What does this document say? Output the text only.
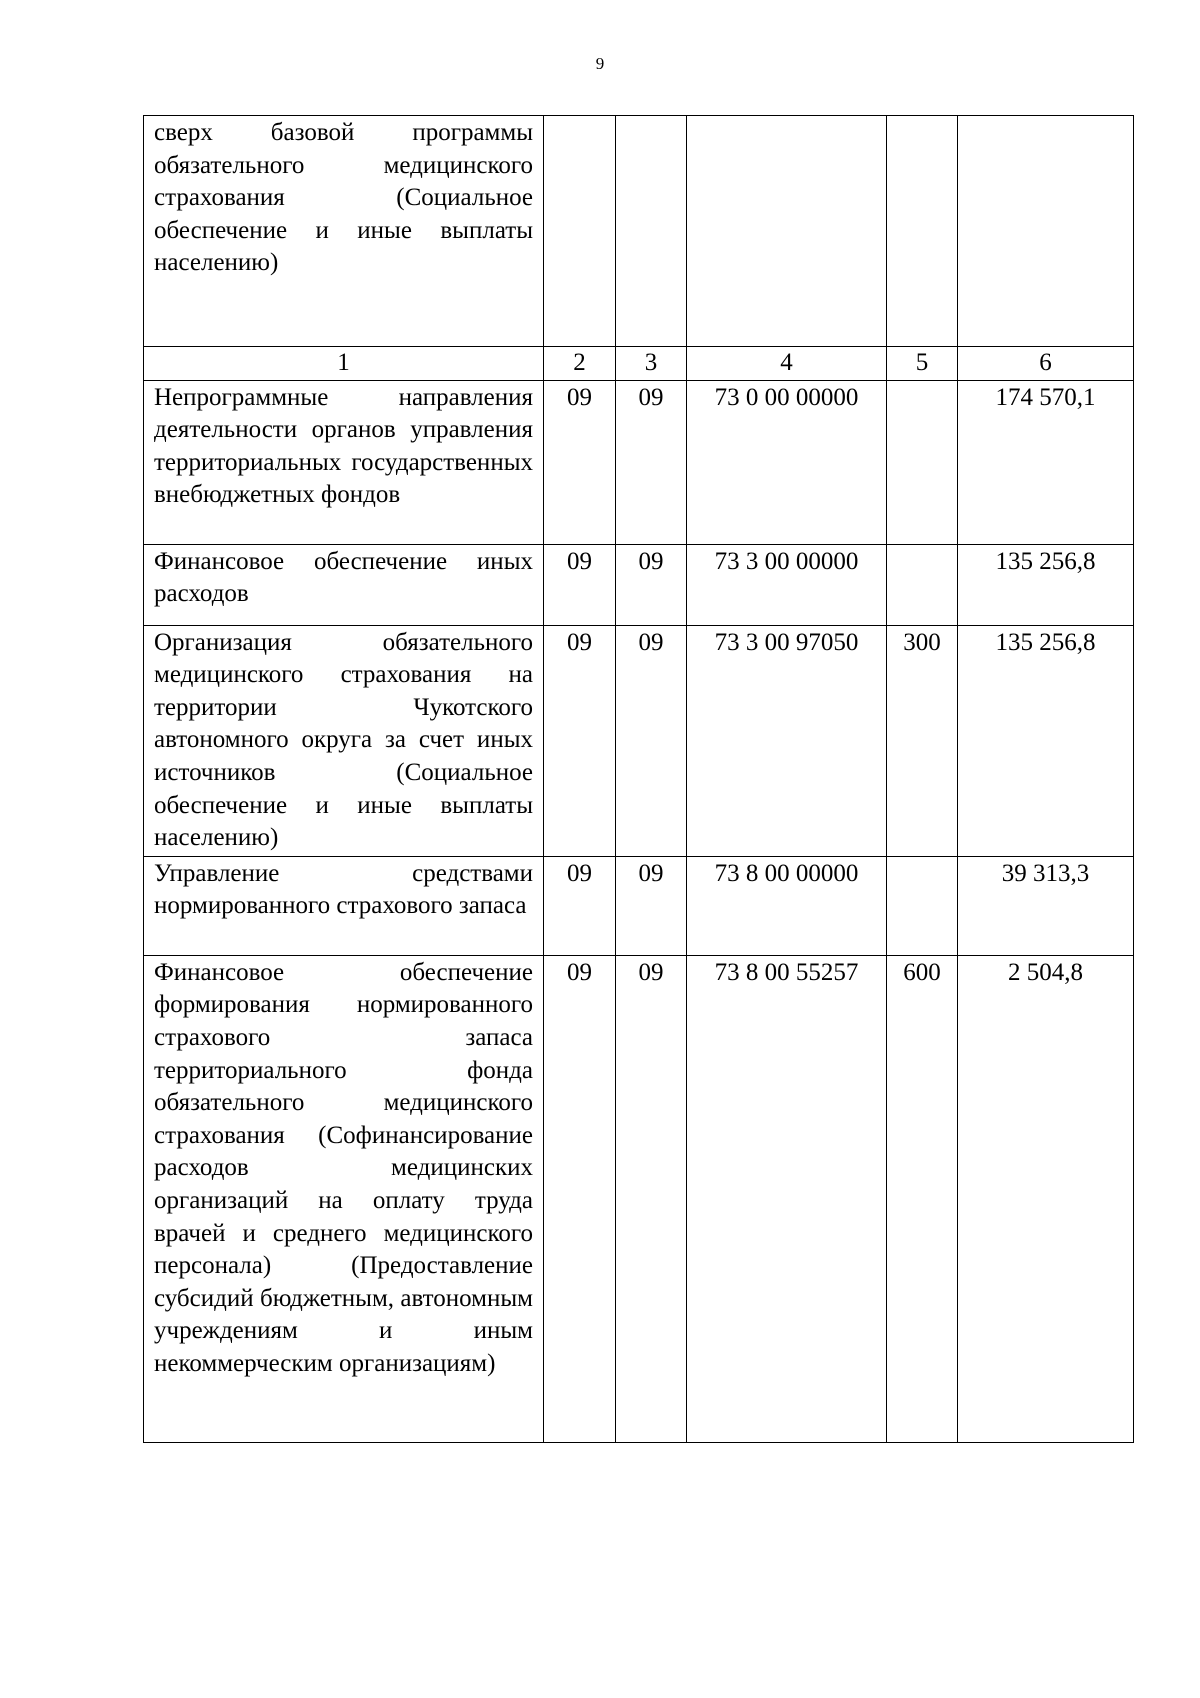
9
сверх базовой программы обязательного медицинского страхования (Социальное обеспечение и иные выплаты населению)					
1	2	3	4	5	6
Непрограммные направления деятельности органов управления территориальных государственных внебюджетных фондов	09	09	73 0 00 00000		174 570,1
Финансовое обеспечение иных расходов	09	09	73 3 00 00000		135 256,8
Организация обязательного медицинского страхования на территории Чукотского автономного округа за счет иных источников (Социальное обеспечение и иные выплаты населению)	09	09	73 3 00 97050	300	135 256,8
Управление средствами нормированного страхового запаса	09	09	73 8 00 00000		39 313,3
Финансовое обеспечение формирования нормированного страхового запаса территориального фонда обязательного медицинского страхования (Софинансирование расходов медицинских организаций на оплату труда врачей и среднего медицинского персонала) (Предоставление субсидий бюджетным, автономным учреждениям и иным некоммерческим организациям)	09	09	73 8 00 55257	600	2 504,8
